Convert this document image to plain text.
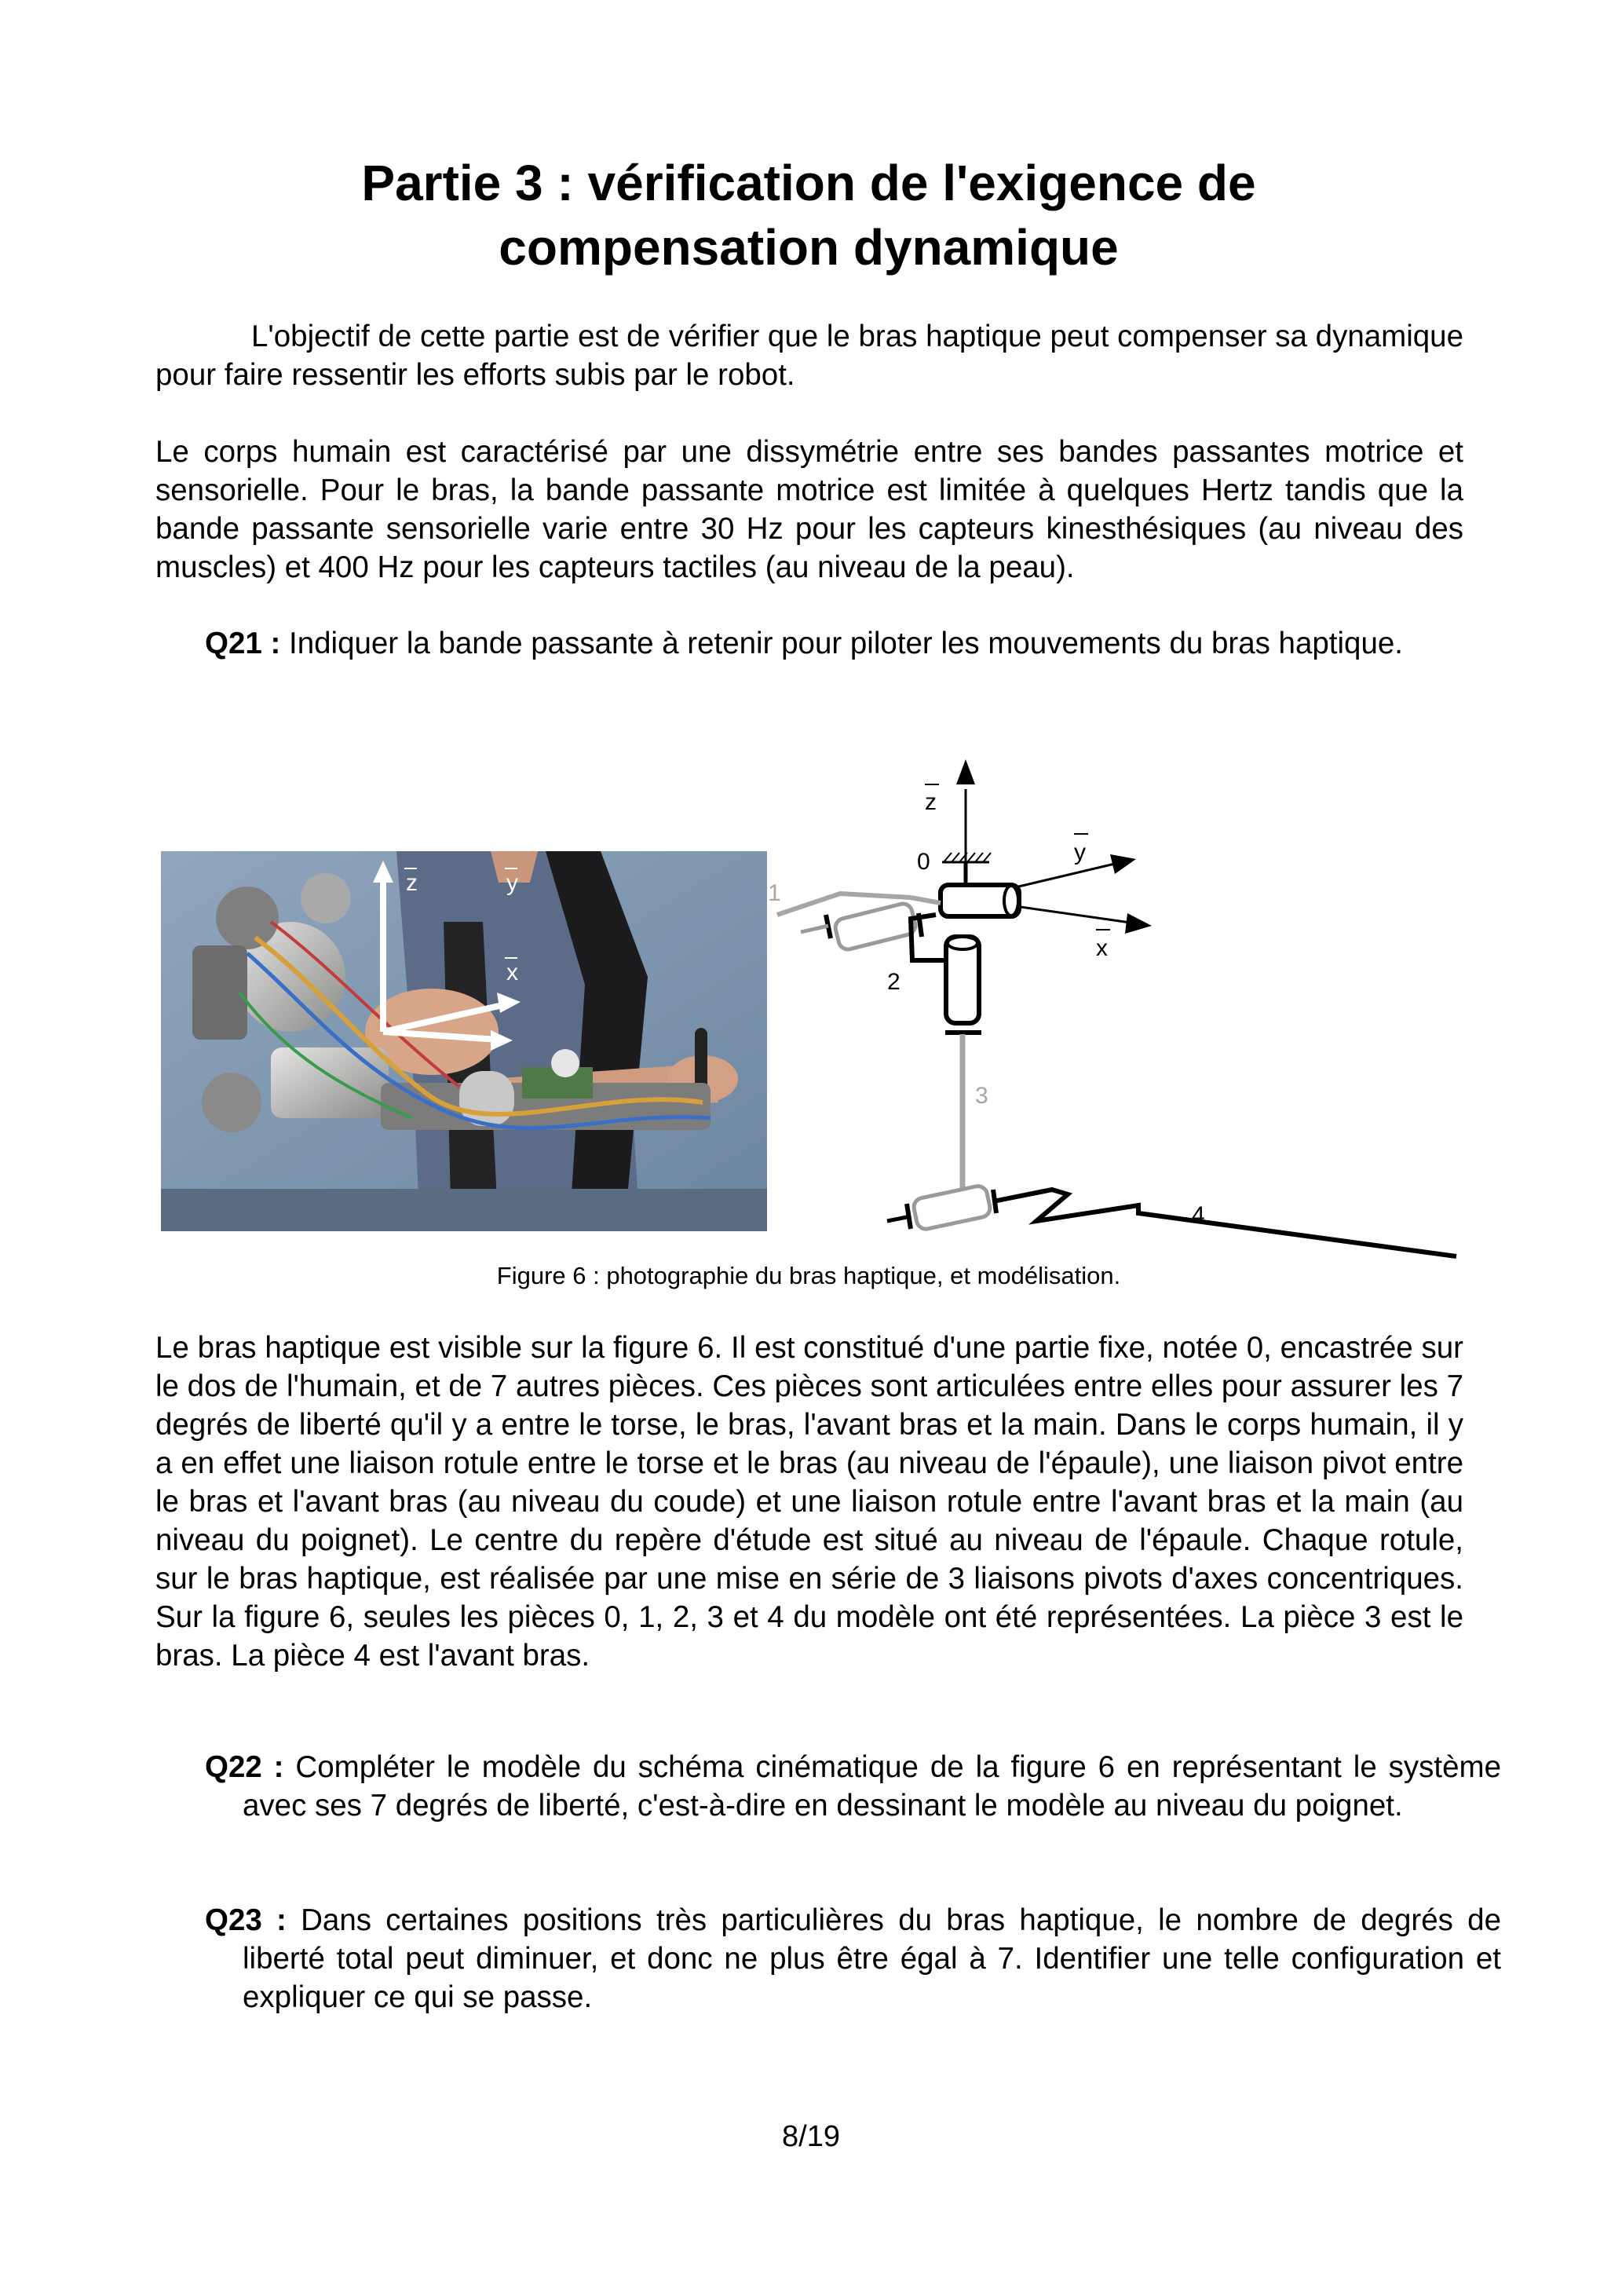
Partie 3 : vérification de l'exigence de
compensation dynamique

L'objectif de cette partie est de vérifier que le bras haptique peut compenser sa dynamique pour faire ressentir les efforts subis par le robot.

Le corps humain est caractérisé par une dissymétrie entre ses bandes passantes motrice et sensorielle. Pour le bras, la bande passante motrice est limitée à quelques Hertz tandis que la bande passante sensorielle varie entre 30 Hz pour les capteurs kinesthésiques (au niveau des muscles) et 400 Hz pour les capteurs tactiles (au niveau de la peau).

Q21 : Indiquer la bande passante à retenir pour piloter les mouvements du bras haptique.

z	y
x
z
0	y
x
1
2
3
4

Figure 6 : photographie du bras haptique, et modélisation.

Le bras haptique est visible sur la figure 6. Il est constitué d'une partie fixe, notée 0, encastrée sur le dos de l'humain, et de 7 autres pièces. Ces pièces sont articulées entre elles pour assurer les 7 degrés de liberté qu'il y a entre le torse, le bras, l'avant bras et la main. Dans le corps humain, il y a en effet une liaison rotule entre le torse et le bras (au niveau de l'épaule), une liaison pivot entre le bras et l'avant bras (au niveau du coude) et une liaison rotule entre l'avant bras et la main (au niveau du poignet). Le centre du repère d'étude est situé au niveau de l'épaule. Chaque rotule, sur le bras haptique, est réalisée par une mise en série de 3 liaisons pivots d'axes concentriques. Sur la figure 6, seules les pièces 0, 1, 2, 3 et 4 du modèle ont été représentées. La pièce 3 est le bras. La pièce 4 est l'avant bras.

Q22 : Compléter le modèle du schéma cinématique de la figure 6 en représentant le système avec ses 7 degrés de liberté, c'est-à-dire en dessinant le modèle au niveau du poignet.

Q23 : Dans certaines positions très particulières du bras haptique, le nombre de degrés de liberté total peut diminuer, et donc ne plus être égal à 7. Identifier une telle configuration et expliquer ce qui se passe.

8/19
